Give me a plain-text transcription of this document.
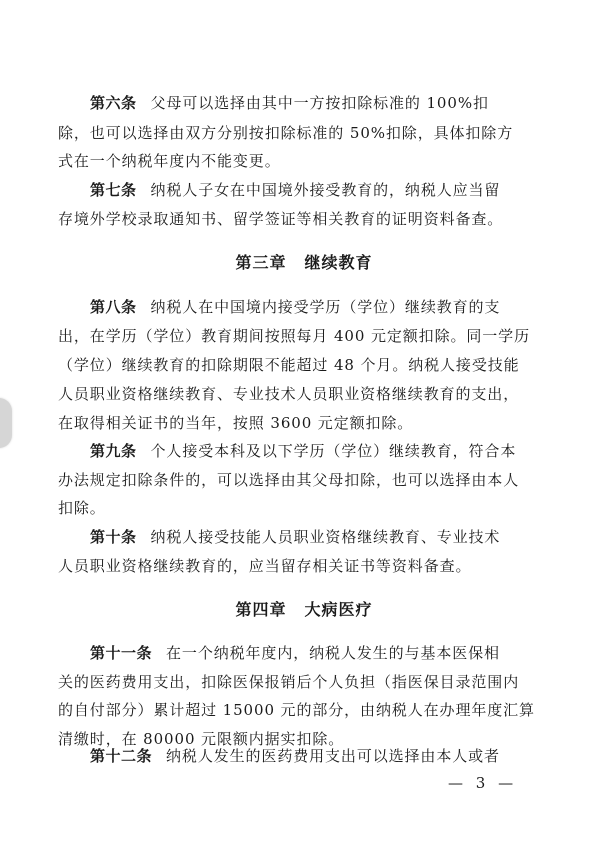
第六条 父母可以选择由其中一方按扣除标准的 100%扣
除，也可以选择由双方分别按扣除标准的 50%扣除，具体扣除方
式在一个纳税年度内不能变更。
第七条 纳税人子女在中国境外接受教育的，纳税人应当留
存境外学校录取通知书、留学签证等相关教育的证明资料备查。
第三章 继续教育
第八条 纳税人在中国境内接受学历（学位）继续教育的支
出，在学历（学位）教育期间按照每月 400 元定额扣除。同一学历
（学位）继续教育的扣除期限不能超过 48 个月。纳税人接受技能
人员职业资格继续教育、专业技术人员职业资格继续教育的支出，
在取得相关证书的当年，按照 3600 元定额扣除。
第九条 个人接受本科及以下学历（学位）继续教育，符合本
办法规定扣除条件的，可以选择由其父母扣除，也可以选择由本人
扣除。
第十条 纳税人接受技能人员职业资格继续教育、专业技术
人员职业资格继续教育的，应当留存相关证书等资料备查。
第四章 大病医疗
第十一条 在一个纳税年度内，纳税人发生的与基本医保相
关的医药费用支出，扣除医保报销后个人负担（指医保目录范围内
的自付部分）累计超过 15000 元的部分，由纳税人在办理年度汇算
清缴时，在 80000 元限额内据实扣除。
第十二条 纳税人发生的医药费用支出可以选择由本人或者
— 3 —
